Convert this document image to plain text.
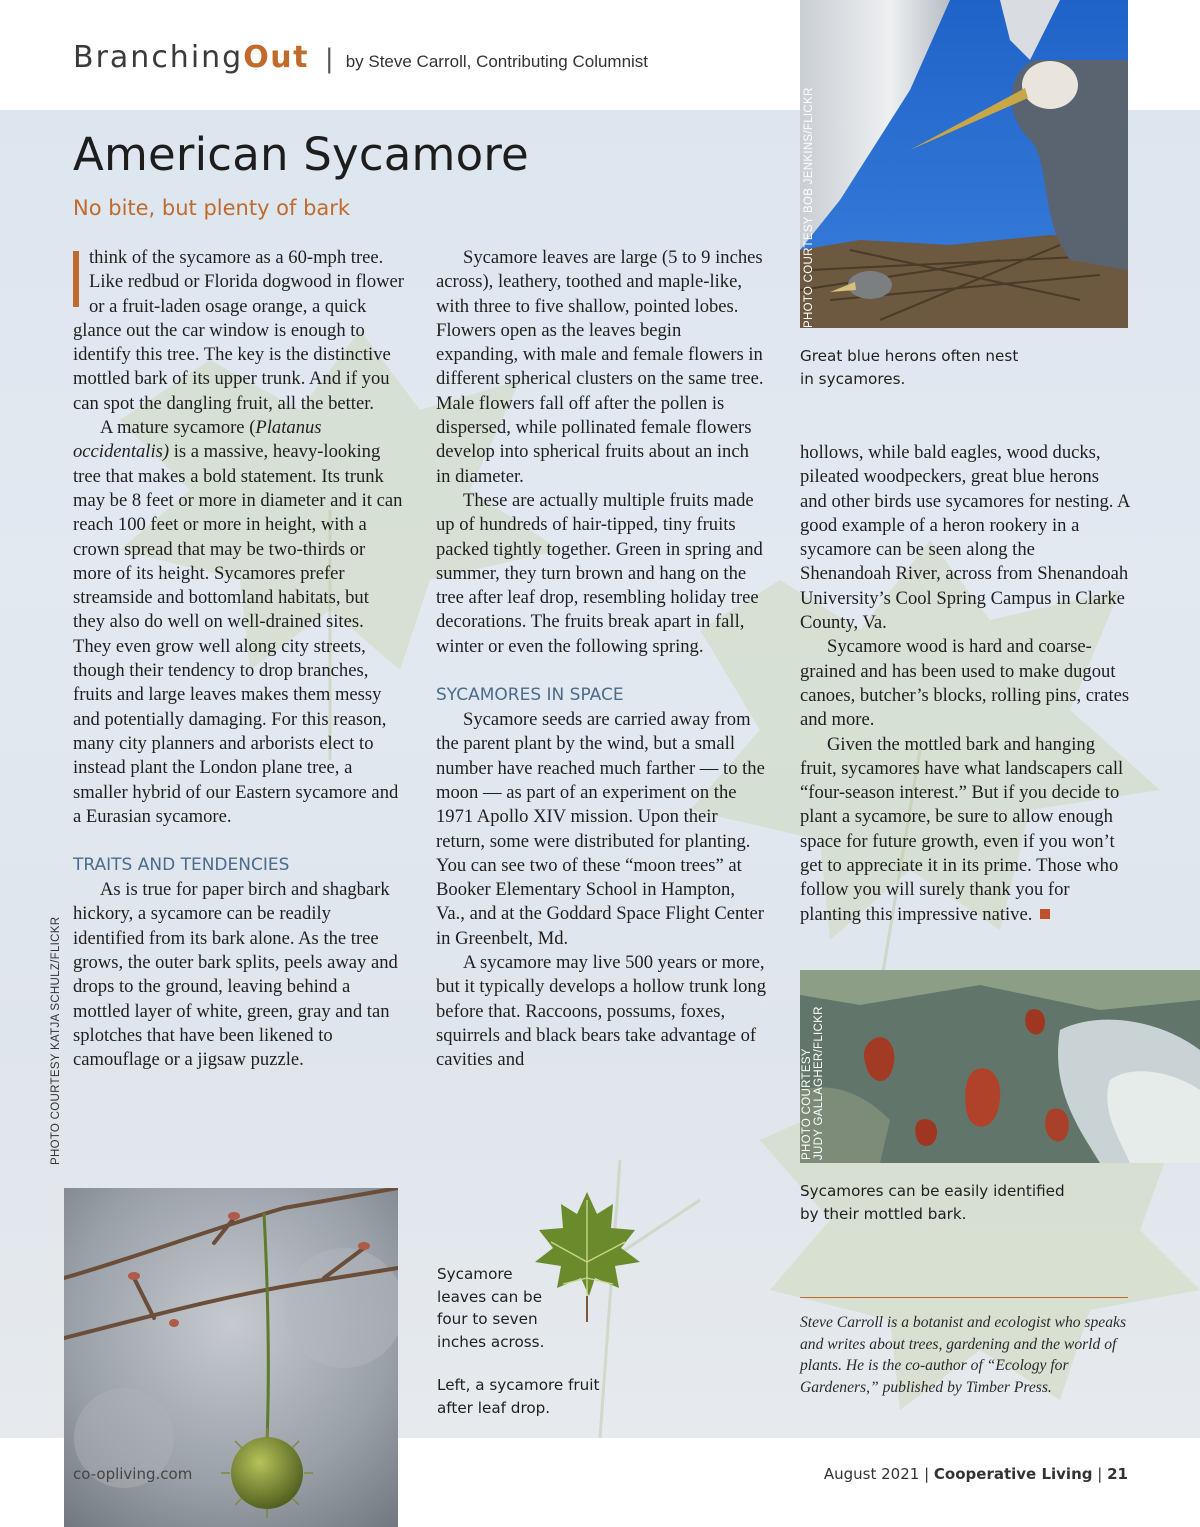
Branching Out | by Steve Carroll, Contributing Columnist
American Sycamore
No bite, but plenty of bark

think of the sycamore as a 60-mph tree. Like redbud or Florida dogwood in flower or a fruit-laden osage orange, a quick glance out the car window is enough to identify this tree. The key is the distinctive mottled bark of its upper trunk. And if you can spot the dangling fruit, all the better.

A mature sycamore (Platanus occidentalis) is a massive, heavy-looking tree that makes a bold statement. Its trunk may be 8 feet or more in diameter and it can reach 100 feet or more in height, with a crown spread that may be two-thirds or more of its height. Sycamores prefer streamside and bottomland habitats, but they also do well on well-drained sites. They even grow well along city streets, though their tendency to drop branches, fruits and large leaves makes them messy and potentially damaging. For this reason, many city planners and arborists elect to instead plant the London plane tree, a smaller hybrid of our Eastern sycamore and a Eurasian sycamore.

TRAITS AND TENDENCIES

As is true for paper birch and shagbark hickory, a sycamore can be readily identified from its bark alone. As the tree grows, the outer bark splits, peels away and drops to the ground, leaving behind a mottled layer of white, green, gray and tan splotches that have been likened to camouflage or a jigsaw puzzle.

Sycamore leaves are large (5 to 9 inches across), leathery, toothed and maple-like, with three to five shallow, pointed lobes. Flowers open as the leaves begin expanding, with male and female flowers in different spherical clusters on the same tree. Male flowers fall off after the pollen is dispersed, while pollinated female flowers develop into spherical fruits about an inch in diameter.

These are actually multiple fruits made up of hundreds of hair-tipped, tiny fruits packed tightly together. Green in spring and summer, they turn brown and hang on the tree after leaf drop, resembling holiday tree decorations. The fruits break apart in fall, winter or even the following spring.

SYCAMORES IN SPACE

Sycamore seeds are carried away from the parent plant by the wind, but a small number have reached much farther — to the moon — as part of an experiment on the 1971 Apollo XIV mission. Upon their return, some were distributed for planting. You can see two of these “moon trees” at Booker Elementary School in Hampton, Va., and at the Goddard Space Flight Center in Greenbelt, Md.

A sycamore may live 500 years or more, but it typically develops a hollow trunk long before that. Raccoons, possums, foxes, squirrels and black bears take advantage of cavities and

hollows, while bald eagles, wood ducks, pileated woodpeckers, great blue herons and other birds use sycamores for nesting. A good example of a heron rookery in a sycamore can be seen along the Shenandoah River, across from Shenandoah University’s Cool Spring Campus in Clarke County, Va.

Sycamore wood is hard and coarse-grained and has been used to make dugout canoes, butcher’s blocks, rolling pins, crates and more.

Given the mottled bark and hanging fruit, sycamores have what landscapers call “four-season interest.” But if you decide to plant a sycamore, be sure to allow enough space for future growth, even if you won’t get to appreciate it in its prime. Those who follow you will surely thank you for planting this impressive native.

PHOTO COURTESY BOB JENKINS/FLICKR
Great blue herons often nest
in sycamores.
PHOTO COURTESY JUDY GALLAGHER/FLICKR
Sycamores can be easily identified
by their mottled bark.
PHOTO COURTESY KATJA SCHULZ/FLICKR
PHOTO COURTESY KATJA SCHULZ/FLICKR
Sycamore
leaves can be
four to seven
inches across.
Left, a sycamore fruit
after leaf drop.
Steve Carroll is a botanist and ecologist who speaks and writes about trees, gardening and the world of plants. He is the co-author of “Ecology for Gardeners,” published by Timber Press.
co-opliving.com	August 2021 | Cooperative Living | 21
